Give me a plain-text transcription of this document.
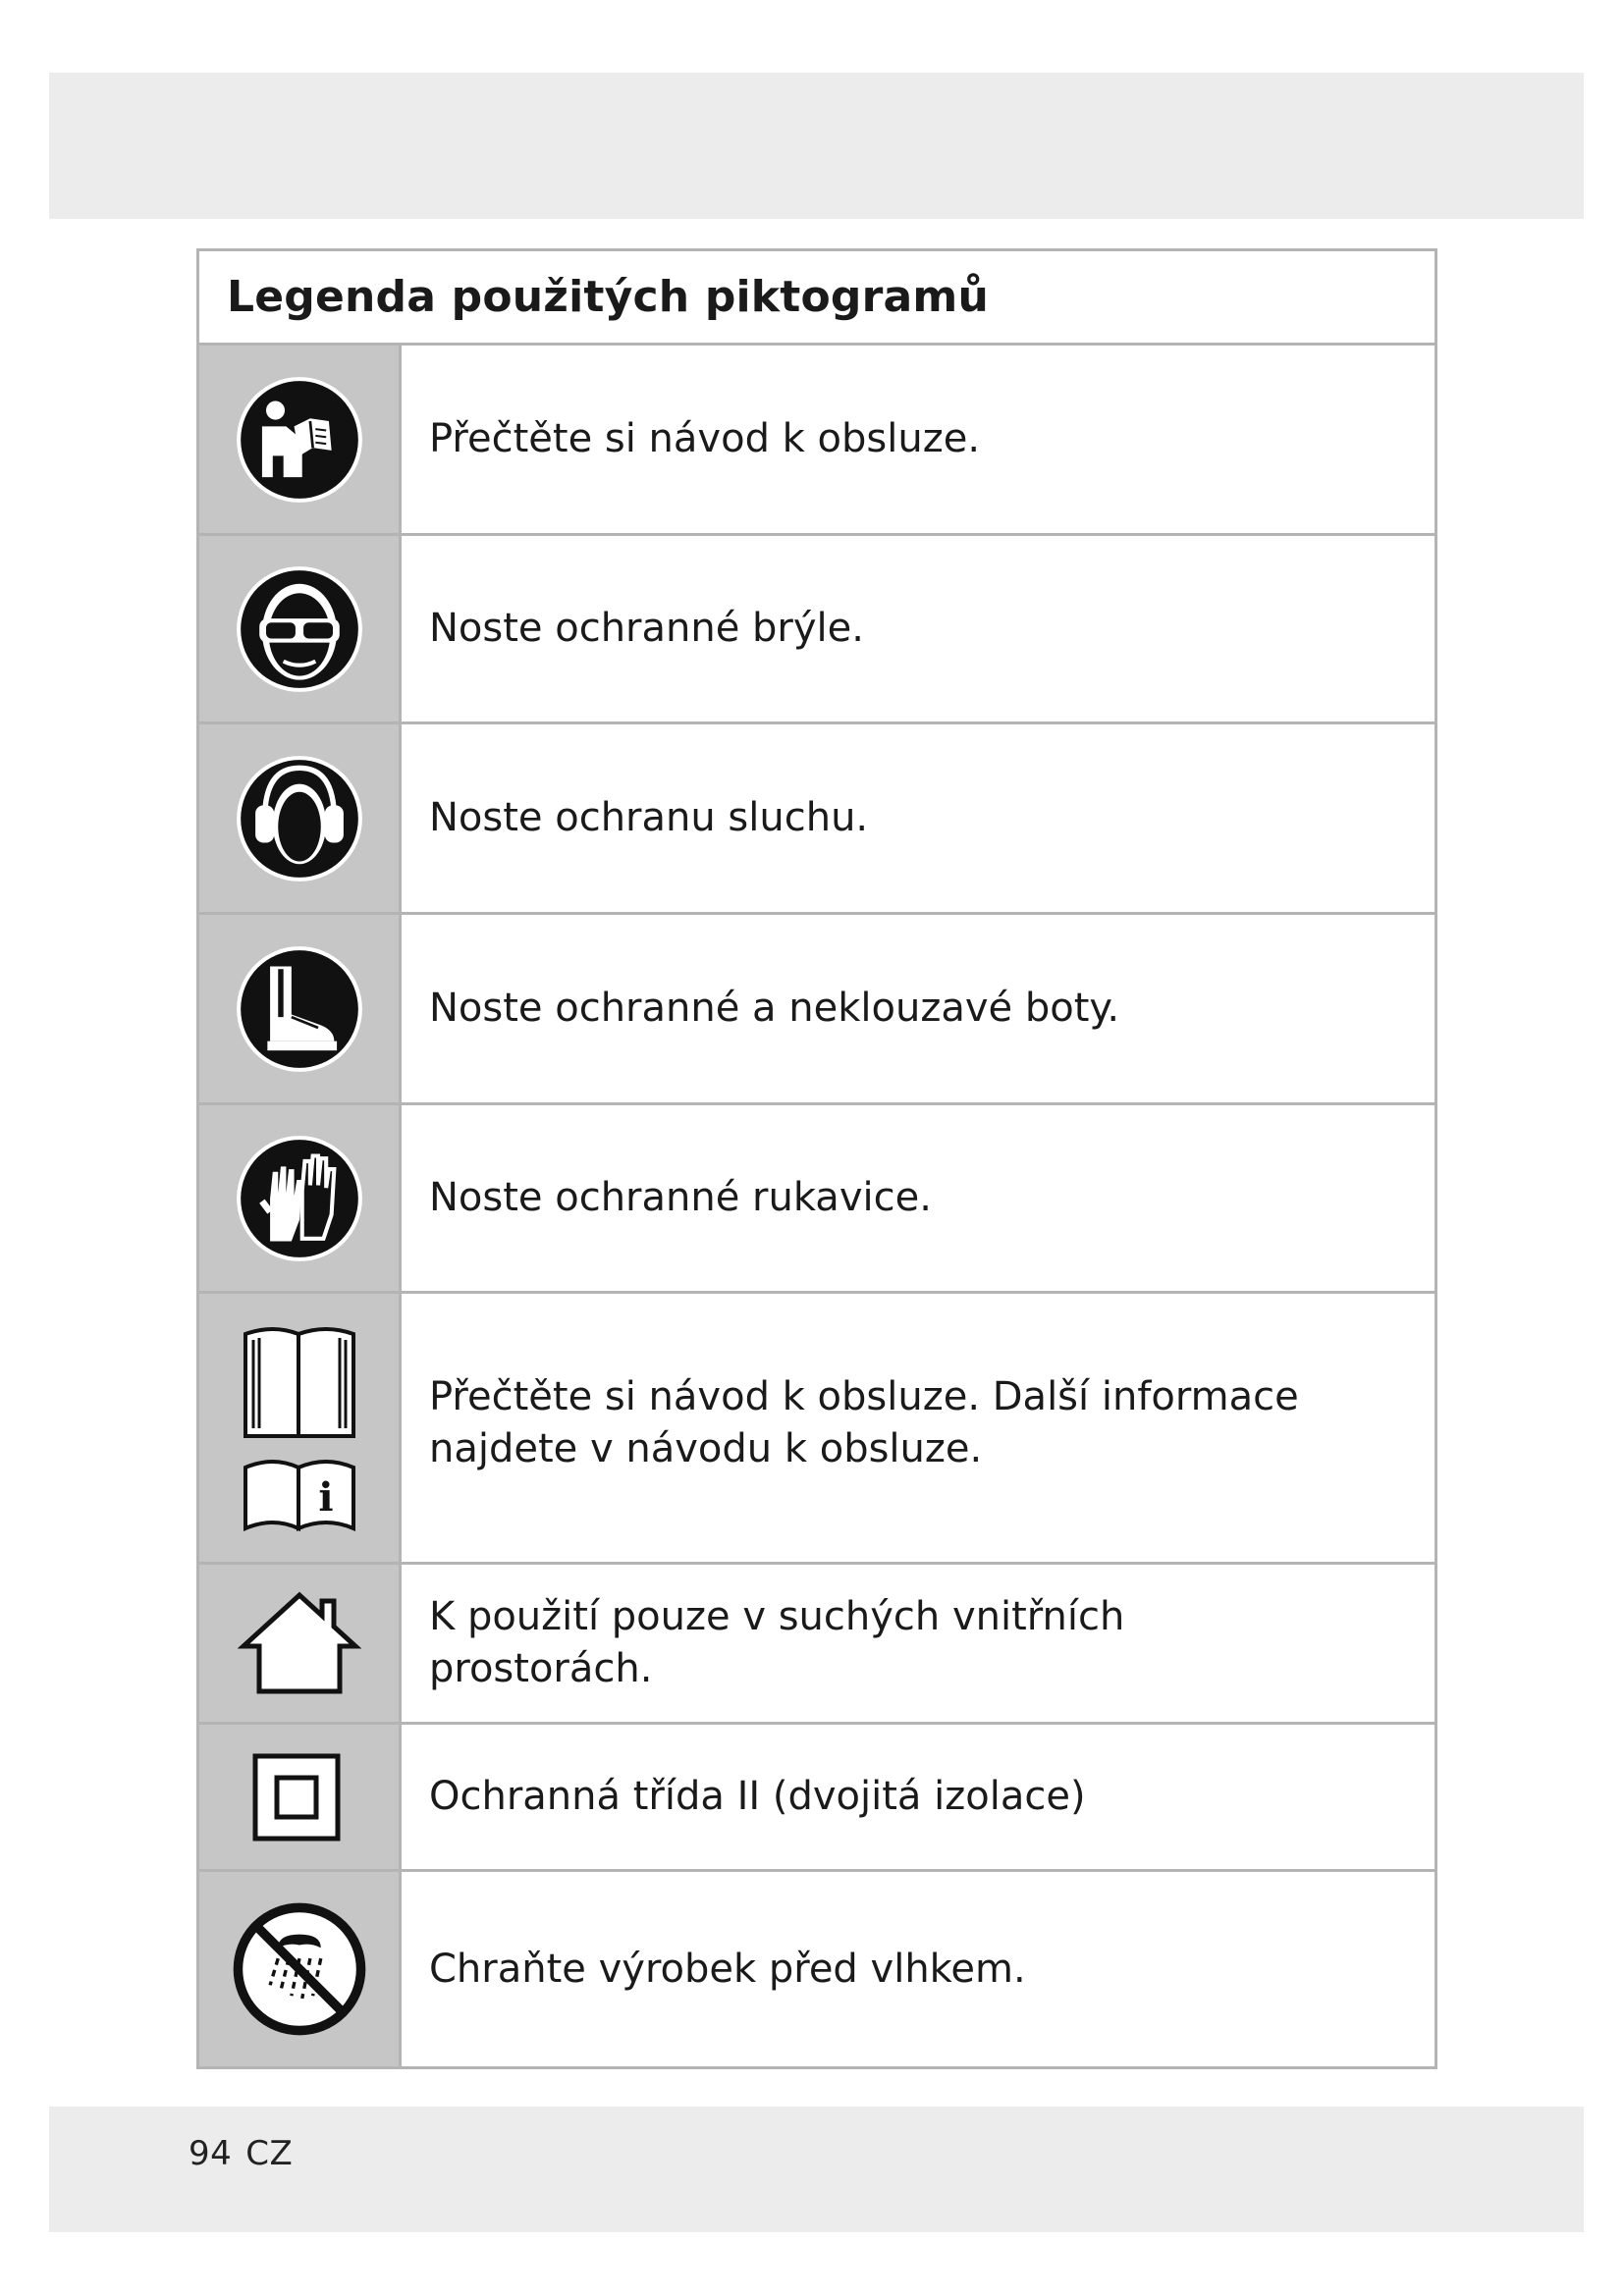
Legenda použitých piktogramů
Přečtěte si návod k obsluze.
Noste ochranné brýle.
Noste ochranu sluchu.
Noste ochranné a neklouzavé boty.
Noste ochranné rukavice.
i
Přečtěte si návod k obsluze. Další informace najdete v návodu k obsluze.
K použití pouze v suchých vnitřních prostorách.
Ochranná třída II (dvojitá izolace)
Chraňte výrobek před vlhkem.
94 CZ
